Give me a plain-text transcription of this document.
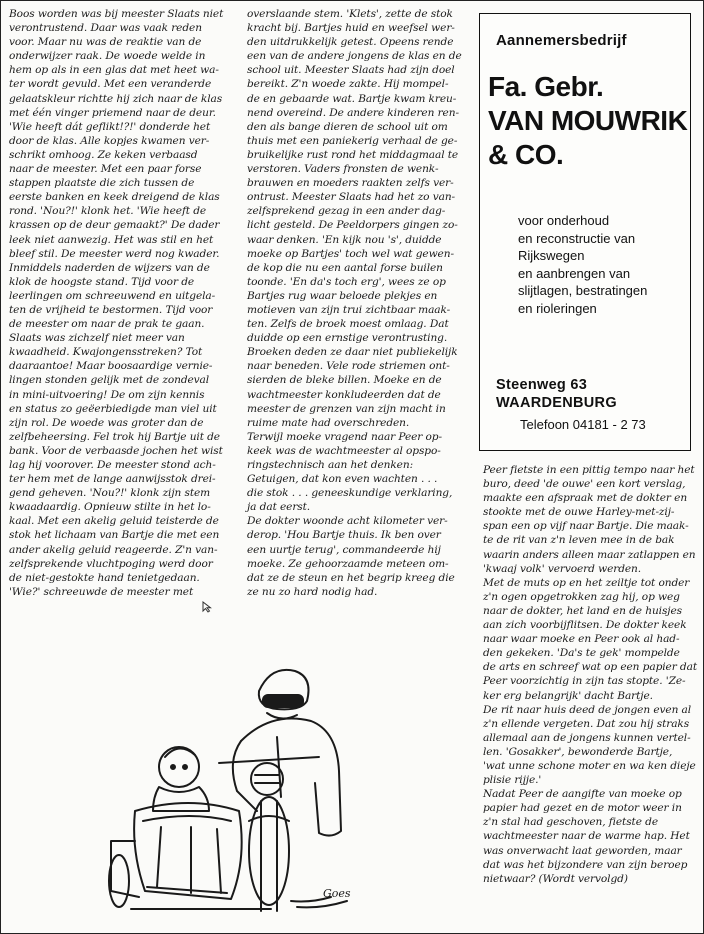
Boos worden was bij meester Slaats niet
verontrustend. Daar was vaak reden
voor. Maar nu was de reaktie van de
onderwijzer raak. De woede welde in
hem op als in een glas dat met heet wa-
ter wordt gevuld. Met een veranderde
gelaatskleur richtte hij zich naar de klas
met één vinger priemend naar de deur.
'Wie heeft dát geflikt!?!' donderde het
door de klas. Alle kopjes kwamen ver-
schrikt omhoog. Ze keken verbaasd
naar de meester. Met een paar forse
stappen plaatste die zich tussen de
eerste banken en keek dreigend de klas
rond. 'Nou?!' klonk het. 'Wie heeft de
krassen op de deur gemaakt?' De dader
leek niet aanwezig. Het was stil en het
bleef stil. De meester werd nog kwader.
Inmiddels naderden de wijzers van de
klok de hoogste stand. Tijd voor de
leerlingen om schreeuwend en uitgela-
ten de vrijheid te bestormen. Tijd voor
de meester om naar de prak te gaan.
Slaats was zichzelf niet meer van
kwaadheid. Kwajongensstreken? Tot
daaraantoe! Maar boosaardige vernie-
lingen stonden gelijk met de zondeval
in mini-uitvoering! De om zijn kennis
en status zo geëerbiedigde man viel uit
zijn rol. De woede was groter dan de
zelfbeheersing. Fel trok hij Bartje uit de
bank. Voor de verbaasde jochen het wist
lag hij voorover. De meester stond ach-
ter hem met de lange aanwijsstok drei-
gend geheven. 'Nou?!' klonk zijn stem
kwaadaardig. Opnieuw stilte in het lo-
kaal. Met een akelig geluid teisterde de
stok het lichaam van Bartje die met een
ander akelig geluid reageerde. Z'n van-
zelfsprekende vluchtpoging werd door
de niet-gestokte hand tenietgedaan.
'Wie?' schreeuwde de meester met

overslaande stem. 'Klets', zette de stok
kracht bij. Bartjes huid en weefsel wer-
den uitdrukkelijk getest. Opeens rende
een van de andere jongens de klas en de
school uit. Meester Slaats had zijn doel
bereikt. Z'n woede zakte. Hij mompel-
de en gebaarde wat. Bartje kwam kreu-
nend overeind. De andere kinderen ren-
den als bange dieren de school uit om
thuis met een paniekerig verhaal de ge-
bruikelijke rust rond het middagmaal te
verstoren. Vaders fronsten de wenk-
brauwen en moeders raakten zelfs ver-
ontrust. Meester Slaats had het zo van-
zelfsprekend gezag in een ander dag-
licht gesteld. De Peeldorpers gingen zo-
waar denken. 'En kijk nou 's', duidde
moeke op Bartjes' toch wel wat gewen-
de kop die nu een aantal forse builen
toonde. 'En da's toch erg', wees ze op
Bartjes rug waar beloede plekjes en
motieven van zijn trui zichtbaar maak-
ten. Zelfs de broek moest omlaag. Dat
duidde op een ernstige verontrusting.
Broeken deden ze daar niet publiekelijk
naar beneden. Vele rode striemen ont-
sierden de bleke billen. Moeke en de
wachtmeester konkludeerden dat de
meester de grenzen van zijn macht in
ruime mate had overschreden.
Terwijl moeke vragend naar Peer op-
keek was de wachtmeester al opspo-
ringstechnisch aan het denken:
Getuigen, dat kon even wachten . . .
die stok . . . geneeskundige verklaring,
ja dat eerst.
De dokter woonde acht kilometer ver-
derop. 'Hou Bartje thuis. Ik ben over
een uurtje terug', commandeerde hij
moeke. Ze gehoorzaamde meteen om-
dat ze de steun en het begrip kreeg die
ze nu zo hard nodig had.

Aannemersbedrijf
Fa. Gebr.
VAN MOUWRIK
& CO.
voor onderhoud
en reconstructie van
Rijkswegen
en aanbrengen van
slijtlagen, bestratingen
en rioleringen
Steenweg 63
WAARDENBURG
Telefoon 04181 - 2 73

Peer fietste in een pittig tempo naar het
buro, deed 'de ouwe' een kort verslag,
maakte een afspraak met de dokter en
stookte met de ouwe Harley-met-zij-
span een op vijf naar Bartje. Die maak-
te de rit van z'n leven mee in de bak
waarin anders alleen maar zatlappen en
'kwaaj volk' vervoerd werden.
Met de muts op en het zeiltje tot onder
z'n ogen opgetrokken zag hij, op weg
naar de dokter, het land en de huisjes
aan zich voorbijflitsen. De dokter keek
naar waar moeke en Peer ook al had-
den gekeken. 'Da's te gek' mompelde
de arts en schreef wat op een papier dat
Peer voorzichtig in zijn tas stopte. 'Ze-
ker erg belangrijk' dacht Bartje.
De rit naar huis deed de jongen even al
z'n ellende vergeten. Dat zou hij straks
allemaal aan de jongens kunnen vertel-
len. 'Gosakker', bewonderde Bartje,
'wat unne schone moter en wa ken dieje
plisie rijje.'
Nadat Peer de aangifte van moeke op
papier had gezet en de motor weer in
z'n stal had geschoven, fietste de
wachtmeester naar de warme hap. Het
was onverwacht laat geworden, maar
dat was het bijzondere van zijn beroep
nietwaar? (Wordt vervolgd)

Goes
